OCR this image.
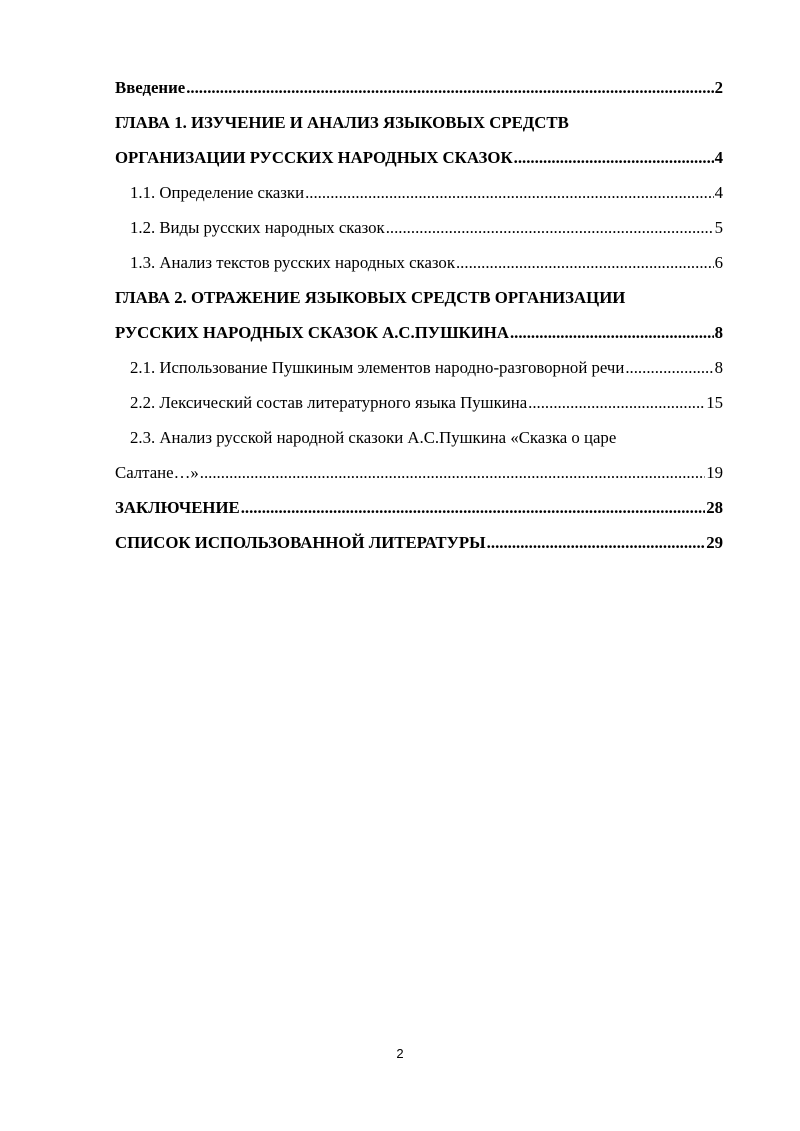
Введение .....	2
ГЛАВА 1. ИЗУЧЕНИЕ И АНАЛИЗ ЯЗЫКОВЫХ СРЕДСТВ
ОРГАНИЗАЦИИ РУССКИХ НАРОДНЫХ СКАЗОК .....	4
1.1. Определение сказки .....	4
1.2. Виды русских народных сказок .....	5
1.3. Анализ текстов русских народных сказок .....	6
ГЛАВА 2. ОТРАЖЕНИЕ ЯЗЫКОВЫХ СРЕДСТВ ОРГАНИЗАЦИИ
РУССКИХ НАРОДНЫХ СКАЗОК А.С.ПУШКИНА .....	8
2.1. Использование Пушкиным элементов народно-разговорной речи .....	8
2.2. Лексический состав литературного языка Пушкина .....	15
2.3. Анализ русской народной сказоки А.С.Пушкина «Сказка о царе
Салтане…» .....	19
ЗАКЛЮЧЕНИЕ .....	28
СПИСОК ИСПОЛЬЗОВАННОЙ ЛИТЕРАТУРЫ .....	29
2
